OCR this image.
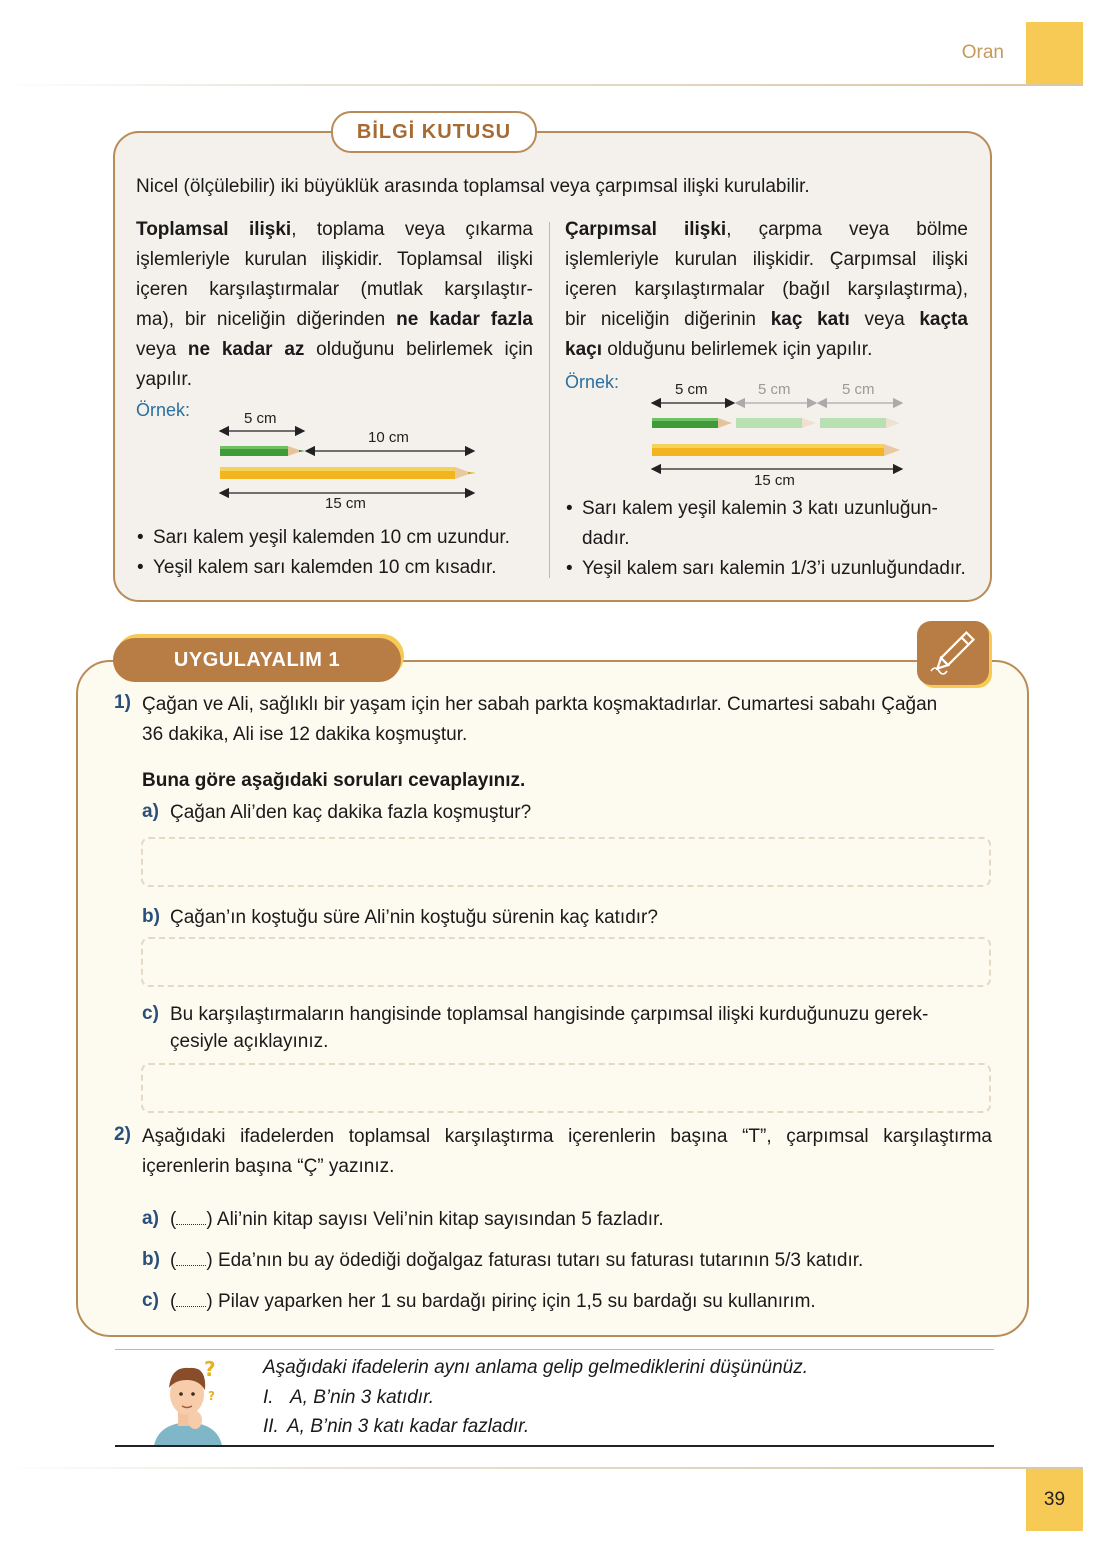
Oran
BİLGİ KUTUSU
Nicel (ölçülebilir) iki büyüklük arasında toplamsal veya çarpımsal ilişki kurulabilir.
Toplamsal ilişki, toplama veya çıkarma
işlemleriyle kurulan ilişkidir. Toplamsal ilişki
içeren karşılaştırmalar (mutlak karşılaştır-
ma), bir niceliğin diğerinden ne kadar fazla
veya ne kadar az olduğunu belirlemek için
yapılır.
Örnek:	5 cm
10 cm
15 cm
• Sarı kalem yeşil kalemden 10 cm uzundur.
• Yeşil kalem sarı kalemden 10 cm kısadır.
Çarpımsal ilişki, çarpma veya bölme
işlemleriyle kurulan ilişkidir. Çarpımsal ilişki
içeren karşılaştırmalar (bağıl karşılaştırma),
bir niceliğin diğerinin kaç katı veya kaçta
kaçı olduğunu belirlemek için yapılır.
Örnek:	5 cm	5 cm	5 cm
15 cm
• Sarı kalem yeşil kalemin 3 katı uzunluğun-
dadır.
• Yeşil kalem sarı kalemin 1/3’i uzunluğundadır.
UYGULAYALIM 1
1) Çağan ve Ali, sağlıklı bir yaşam için her sabah parkta koşmaktadırlar. Cumartesi sabahı Çağan
36 dakika, Ali ise 12 dakika koşmuştur.
Buna göre aşağıdaki soruları cevaplayınız.
a) Çağan Ali’den kaç dakika fazla koşmuştur?
b) Çağan’ın koştuğu süre Ali’nin koştuğu sürenin kaç katıdır?
c) Bu karşılaştırmaların hangisinde toplamsal hangisinde çarpımsal ilişki kurduğunuzu gerek-
çesiyle açıklayınız.
2) Aşağıdaki ifadelerden toplamsal karşılaştırma içerenlerin başına “T”, çarpımsal karşılaştırma
içerenlerin başına “Ç” yazınız.
a) ( ) Ali’nin kitap sayısı Veli’nin kitap sayısından 5 fazladır.
b) ( ) Eda’nın bu ay ödediği doğalgaz faturası tutarı su faturası tutarının 5/3 katıdır.
c) ( ) Pilav yaparken her 1 su bardağı pirinç için 1,5 su bardağı su kullanırım.
?
?
Aşağıdaki ifadelerin aynı anlama gelip gelmediklerini düşününüz.
I. A, B’nin 3 katıdır.
II. A, B’nin 3 katı kadar fazladır.
39
